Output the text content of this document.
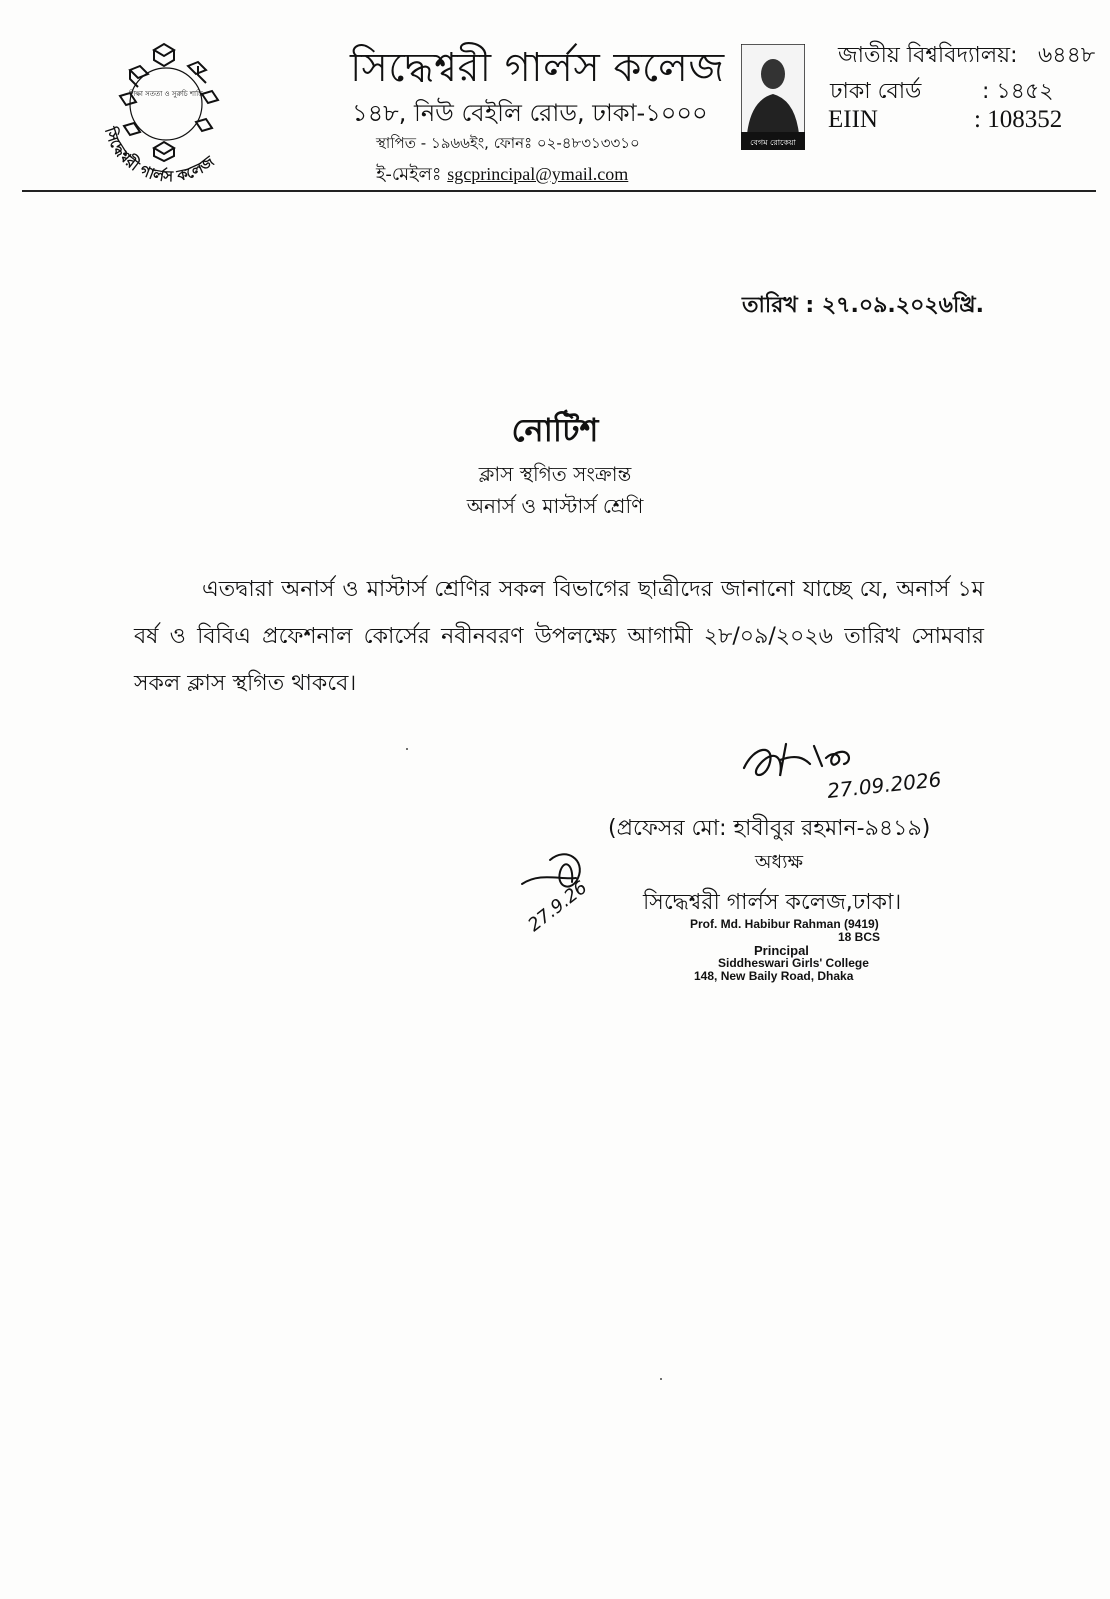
সিদ্ধেশ্বরী গার্লস কলেজ
শিক্ষা সততা ও সুরুচি শান্তি
সিদ্ধেশ্বরী গার্লস কলেজ
১৪৮, নিউ বেইলি রোড, ঢাকা-১০০০
স্থাপিত - ১৯৬৬ইং, ফোনঃ ০২-৪৮৩১৩৩১০
ই-মেইলঃ sgcprincipal@ymail.com
বেগম রোকেয়া
জাতীয় বিশ্ববিদ্যালয়: ৬৪৪৮
ঢাকা বোর্ড	: ১৪৫২
EIIN	: 108352
তারিখ : ২৭.০৯.২০২৬খ্রি.
নোটিশ
ক্লাস স্থগিত সংক্রান্ত
অনার্স ও মাস্টার্স শ্রেণি

এতদ্বারা অনার্স ও মাস্টার্স শ্রেণির সকল বিভাগের ছাত্রীদের জানানো যাচ্ছে যে, অনার্স ১ম বর্ষ ও বিবিএ প্রফেশনাল কোর্সের নবীনবরণ উপলক্ষ্যে আগামী ২৮/০৯/২০২৬ তারিখ সোমবার সকল ক্লাস স্থগিত থাকবে।

27.09.2026
(প্রফেসর মো: হাবীবুর রহমান-৯৪১৯)
অধ্যক্ষ
সিদ্ধেশ্বরী গার্লস কলেজ,ঢাকা।
27.9.26	Prof. Md. Habibur Rahman (9419)
18 BCS
Principal
Siddheswari Girls' College
148, New Baily Road, Dhaka
